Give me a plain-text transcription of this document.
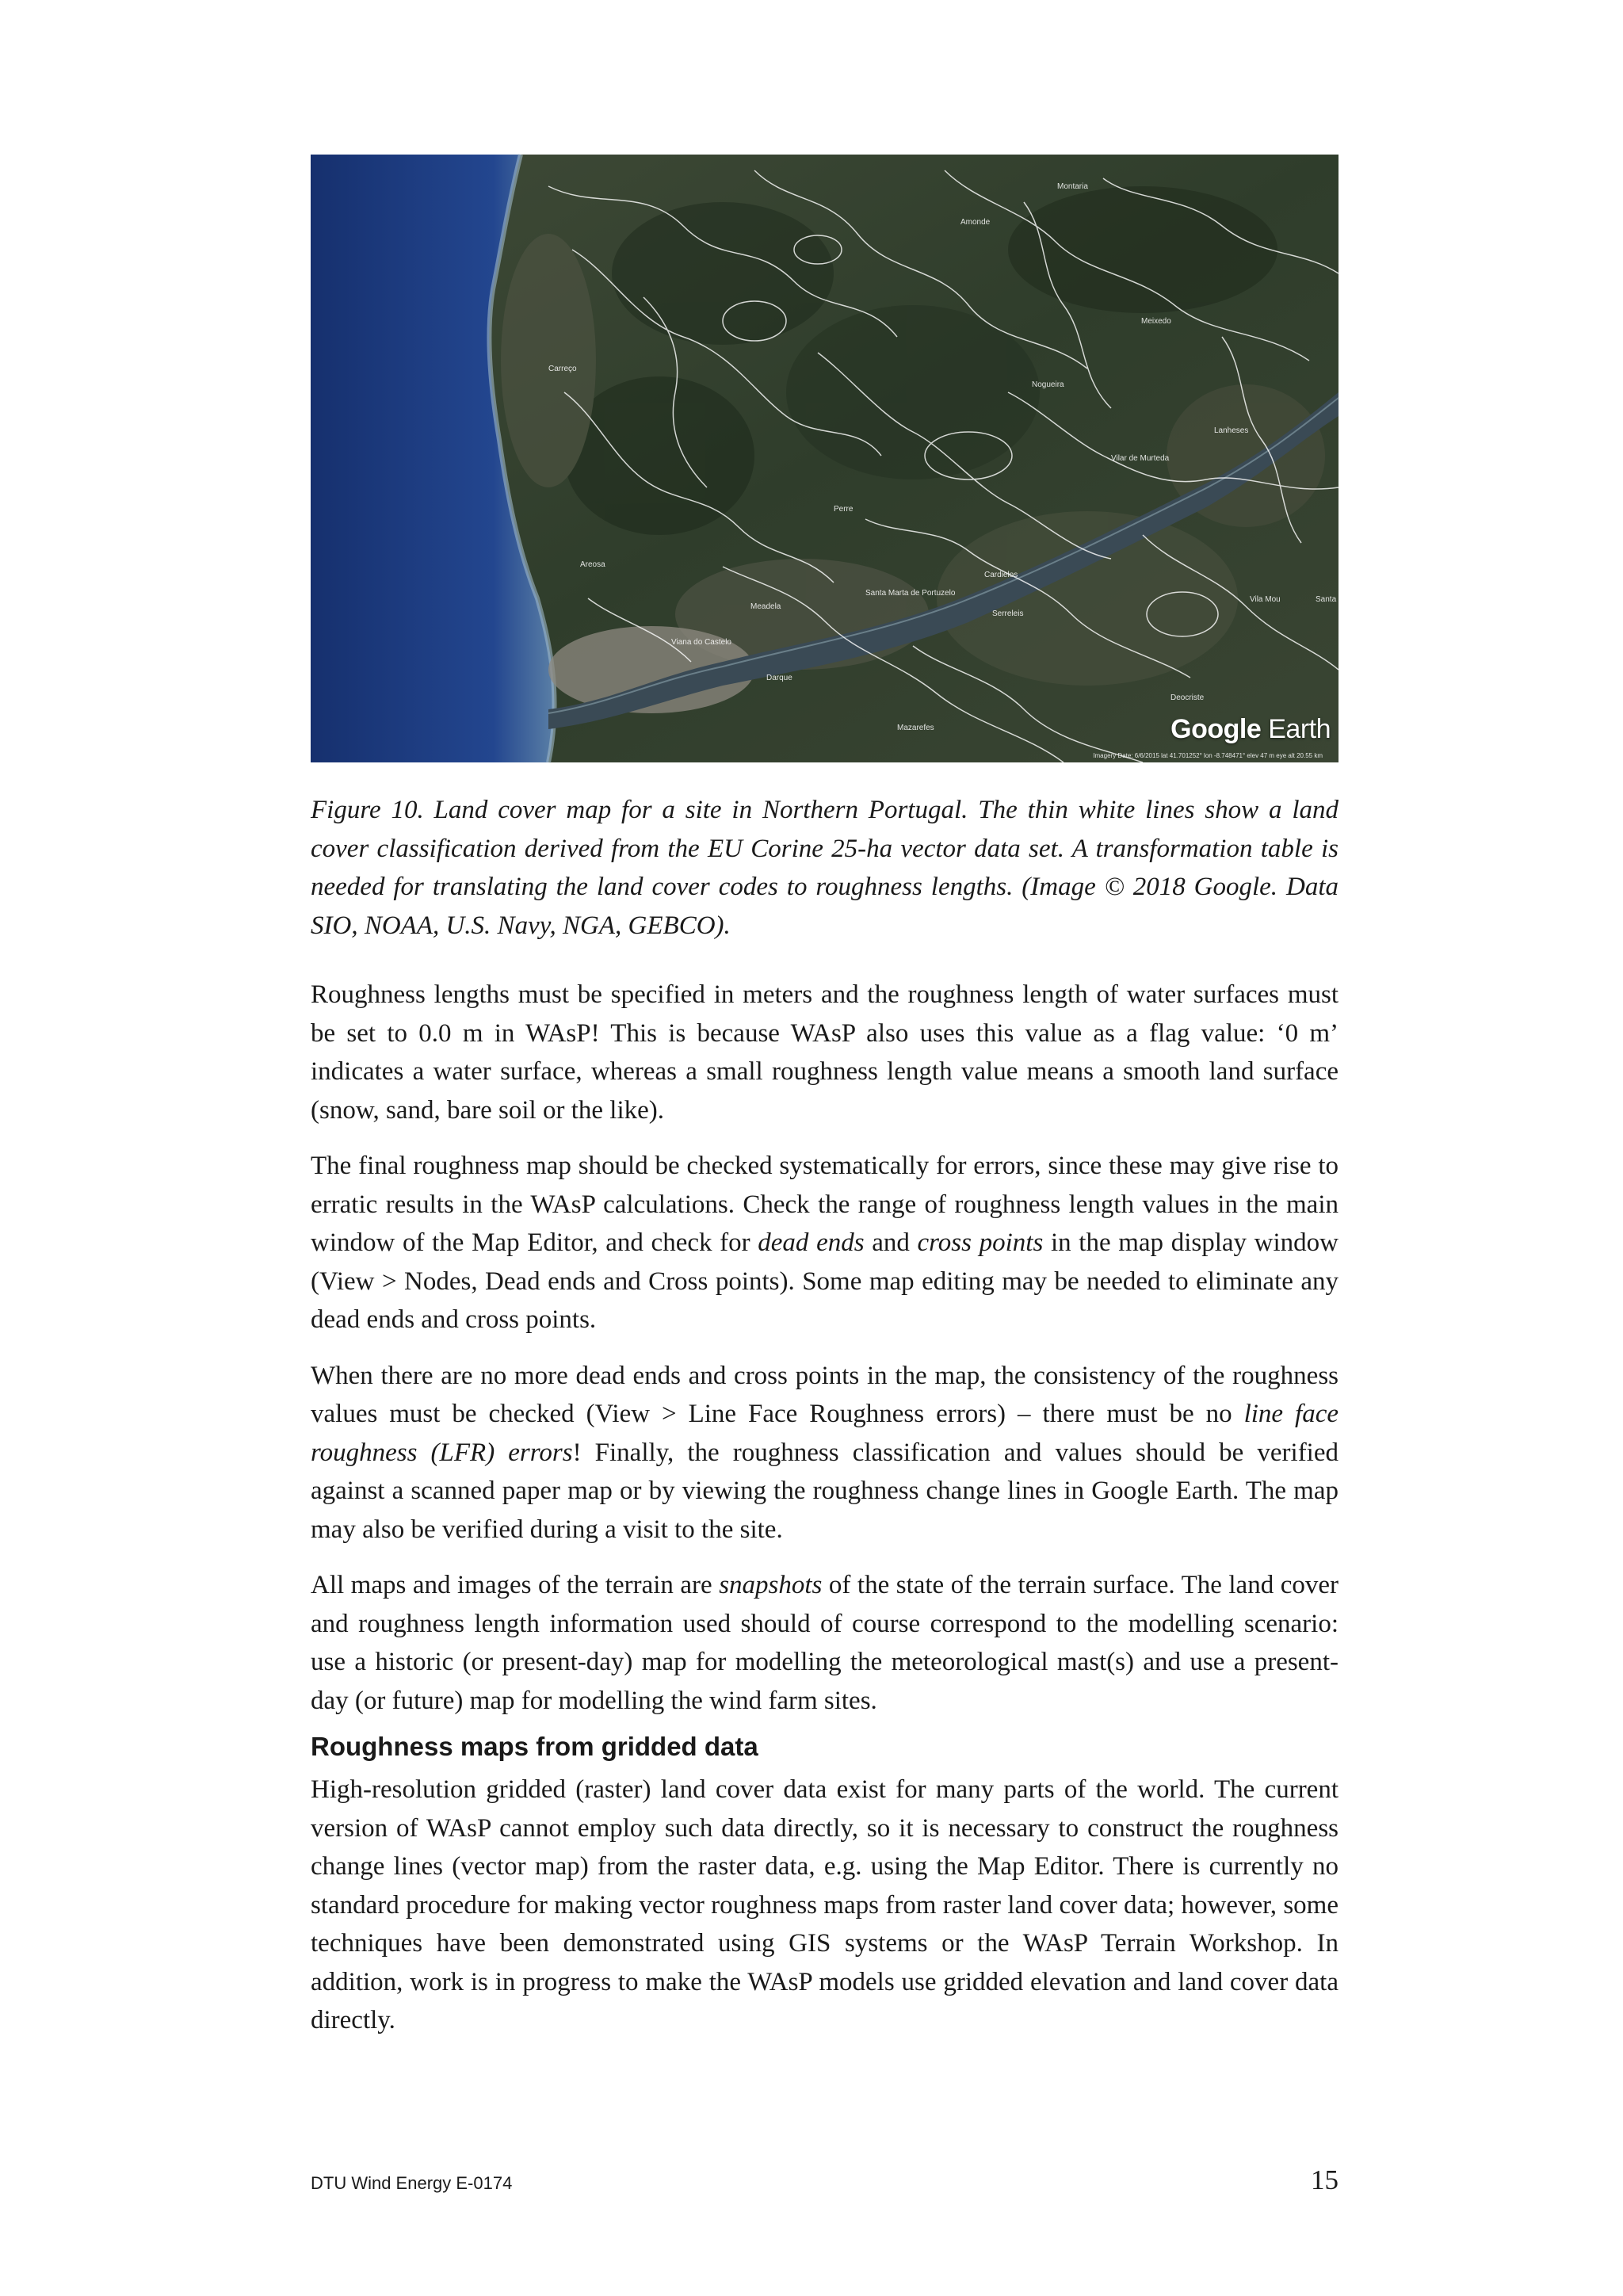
Montaria
Amonde
Meixedo
Nogueira
Carreço
Perre
Meadela
Darque
Santa Marta de Portuzelo
Cardielos
Serreleis
Lanheses
Vilar de Murteda
Areosa
Viana do Castelo
Mazarefes
Deocriste
Vila Mou	Santa M
Google Earth
Imagery Date: 6/6/2015 lat 41.701252° lon -8.748471° elev 47 m eye alt 20.55 km

Figure 10. Land cover map for a site in Northern Portugal. The thin white lines show a land cover classification derived from the EU Corine 25-ha vector data set. A transformation table is needed for translating the land cover codes to roughness lengths. (Image © 2018 Google. Data SIO, NOAA, U.S. Navy, NGA, GEBCO).

Roughness lengths must be specified in meters and the roughness length of water surfaces must be set to 0.0 m in WAsP! This is because WAsP also uses this value as a flag value: ‘0 m’ indicates a water surface, whereas a small roughness length value means a smooth land surface (snow, sand, bare soil or the like).

The final roughness map should be checked systematically for errors, since these may give rise to erratic results in the WAsP calculations. Check the range of roughness length values in the main window of the Map Editor, and check for dead ends and cross points in the map display window (View > Nodes, Dead ends and Cross points). Some map editing may be needed to eliminate any dead ends and cross points.

When there are no more dead ends and cross points in the map, the consistency of the roughness values must be checked (View > Line Face Roughness errors) – there must be no line face roughness (LFR) errors! Finally, the roughness classification and values should be verified against a scanned paper map or by viewing the roughness change lines in Google Earth. The map may also be verified during a visit to the site.

All maps and images of the terrain are snapshots of the state of the terrain surface. The land cover and roughness length information used should of course correspond to the modelling scenario: use a historic (or present-day) map for modelling the meteorological mast(s) and use a present-day (or future) map for modelling the wind farm sites.

Roughness maps from gridded data

High-resolution gridded (raster) land cover data exist for many parts of the world. The current version of WAsP cannot employ such data directly, so it is necessary to construct the roughness change lines (vector map) from the raster data, e.g. using the Map Editor. There is currently no standard procedure for making vector roughness maps from raster land cover data; however, some techniques have been demonstrated using GIS systems or the WAsP Terrain Workshop. In addition, work is in progress to make the WAsP models use gridded elevation and land cover data directly.

DTU Wind Energy E-0174	15
